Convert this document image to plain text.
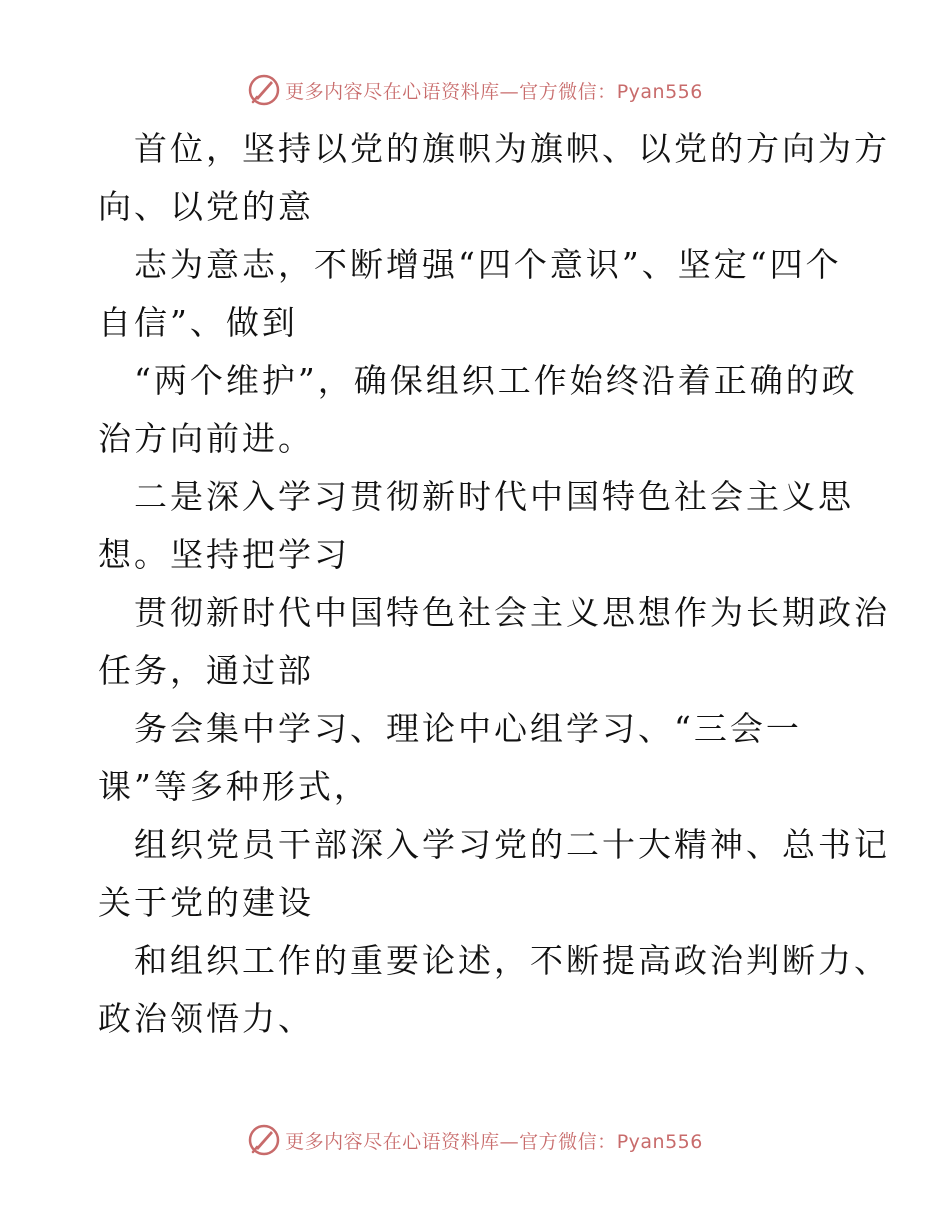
更多内容尽在心语资料库—官方微信：Pyan556
首位，坚持以党的旗帜为旗帜、以党的方向为方
向、以党的意
志为意志，不断增强“四个意识”、坚定“四个
自信”、做到
“两个维护”，确保组织工作始终沿着正确的政
治方向前进。
二是深入学习贯彻新时代中国特色社会主义思
想。坚持把学习
贯彻新时代中国特色社会主义思想作为长期政治
任务，通过部
务会集中学习、理论中心组学习、“三会一
课”等多种形式，
组织党员干部深入学习党的二十大精神、总书记
关于党的建设
和组织工作的重要论述，不断提高政治判断力、
政治领悟力、
更多内容尽在心语资料库—官方微信：Pyan556
